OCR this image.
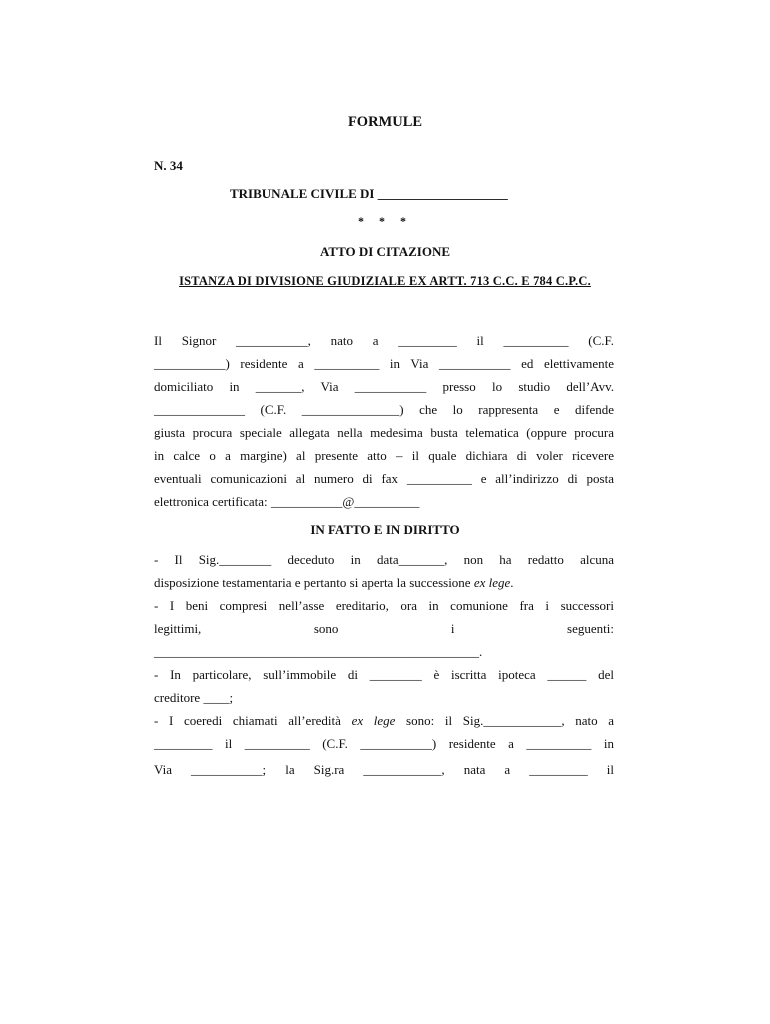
FORMULE
N. 34
TRIBUNALE CIVILE DI ____________________
* * *
ATTO DI CITAZIONE
ISTANZA DI DIVISIONE GIUDIZIALE EX ARTT. 713 C.C. E 784 C.P.C.
Il Signor ___________, nato a _________ il __________ (C.F.
___________) residente a __________ in Via ___________ ed elettivamente
domiciliato in _______, Via ___________ presso lo studio dell’Avv.
______________ (C.F. _______________) che lo rappresenta e difende
giusta procura speciale allegata nella medesima busta telematica (oppure procura
in calce o a margine) al presente atto – il quale dichiara di voler ricevere
eventuali comunicazioni al numero di fax __________ e all’indirizzo di posta
elettronica certificata: ___________@__________
IN FATTO E IN DIRITTO
- Il Sig.________ deceduto in data_______, non ha redatto alcuna
disposizione testamentaria e pertanto si aperta la successione ex lege.
- I beni compresi nell’asse ereditario, ora in comunione fra i successori
legittimi, sono i seguenti:
__________________________________________________.
- In particolare, sull’immobile di ________ è iscritta ipoteca ______ del
creditore ____;
- I coeredi chiamati all’eredità ex lege sono: il Sig.____________, nato a
_________ il __________ (C.F. ___________) residente a __________ in
Via ___________; la Sig.ra ____________, nata a _________ il
